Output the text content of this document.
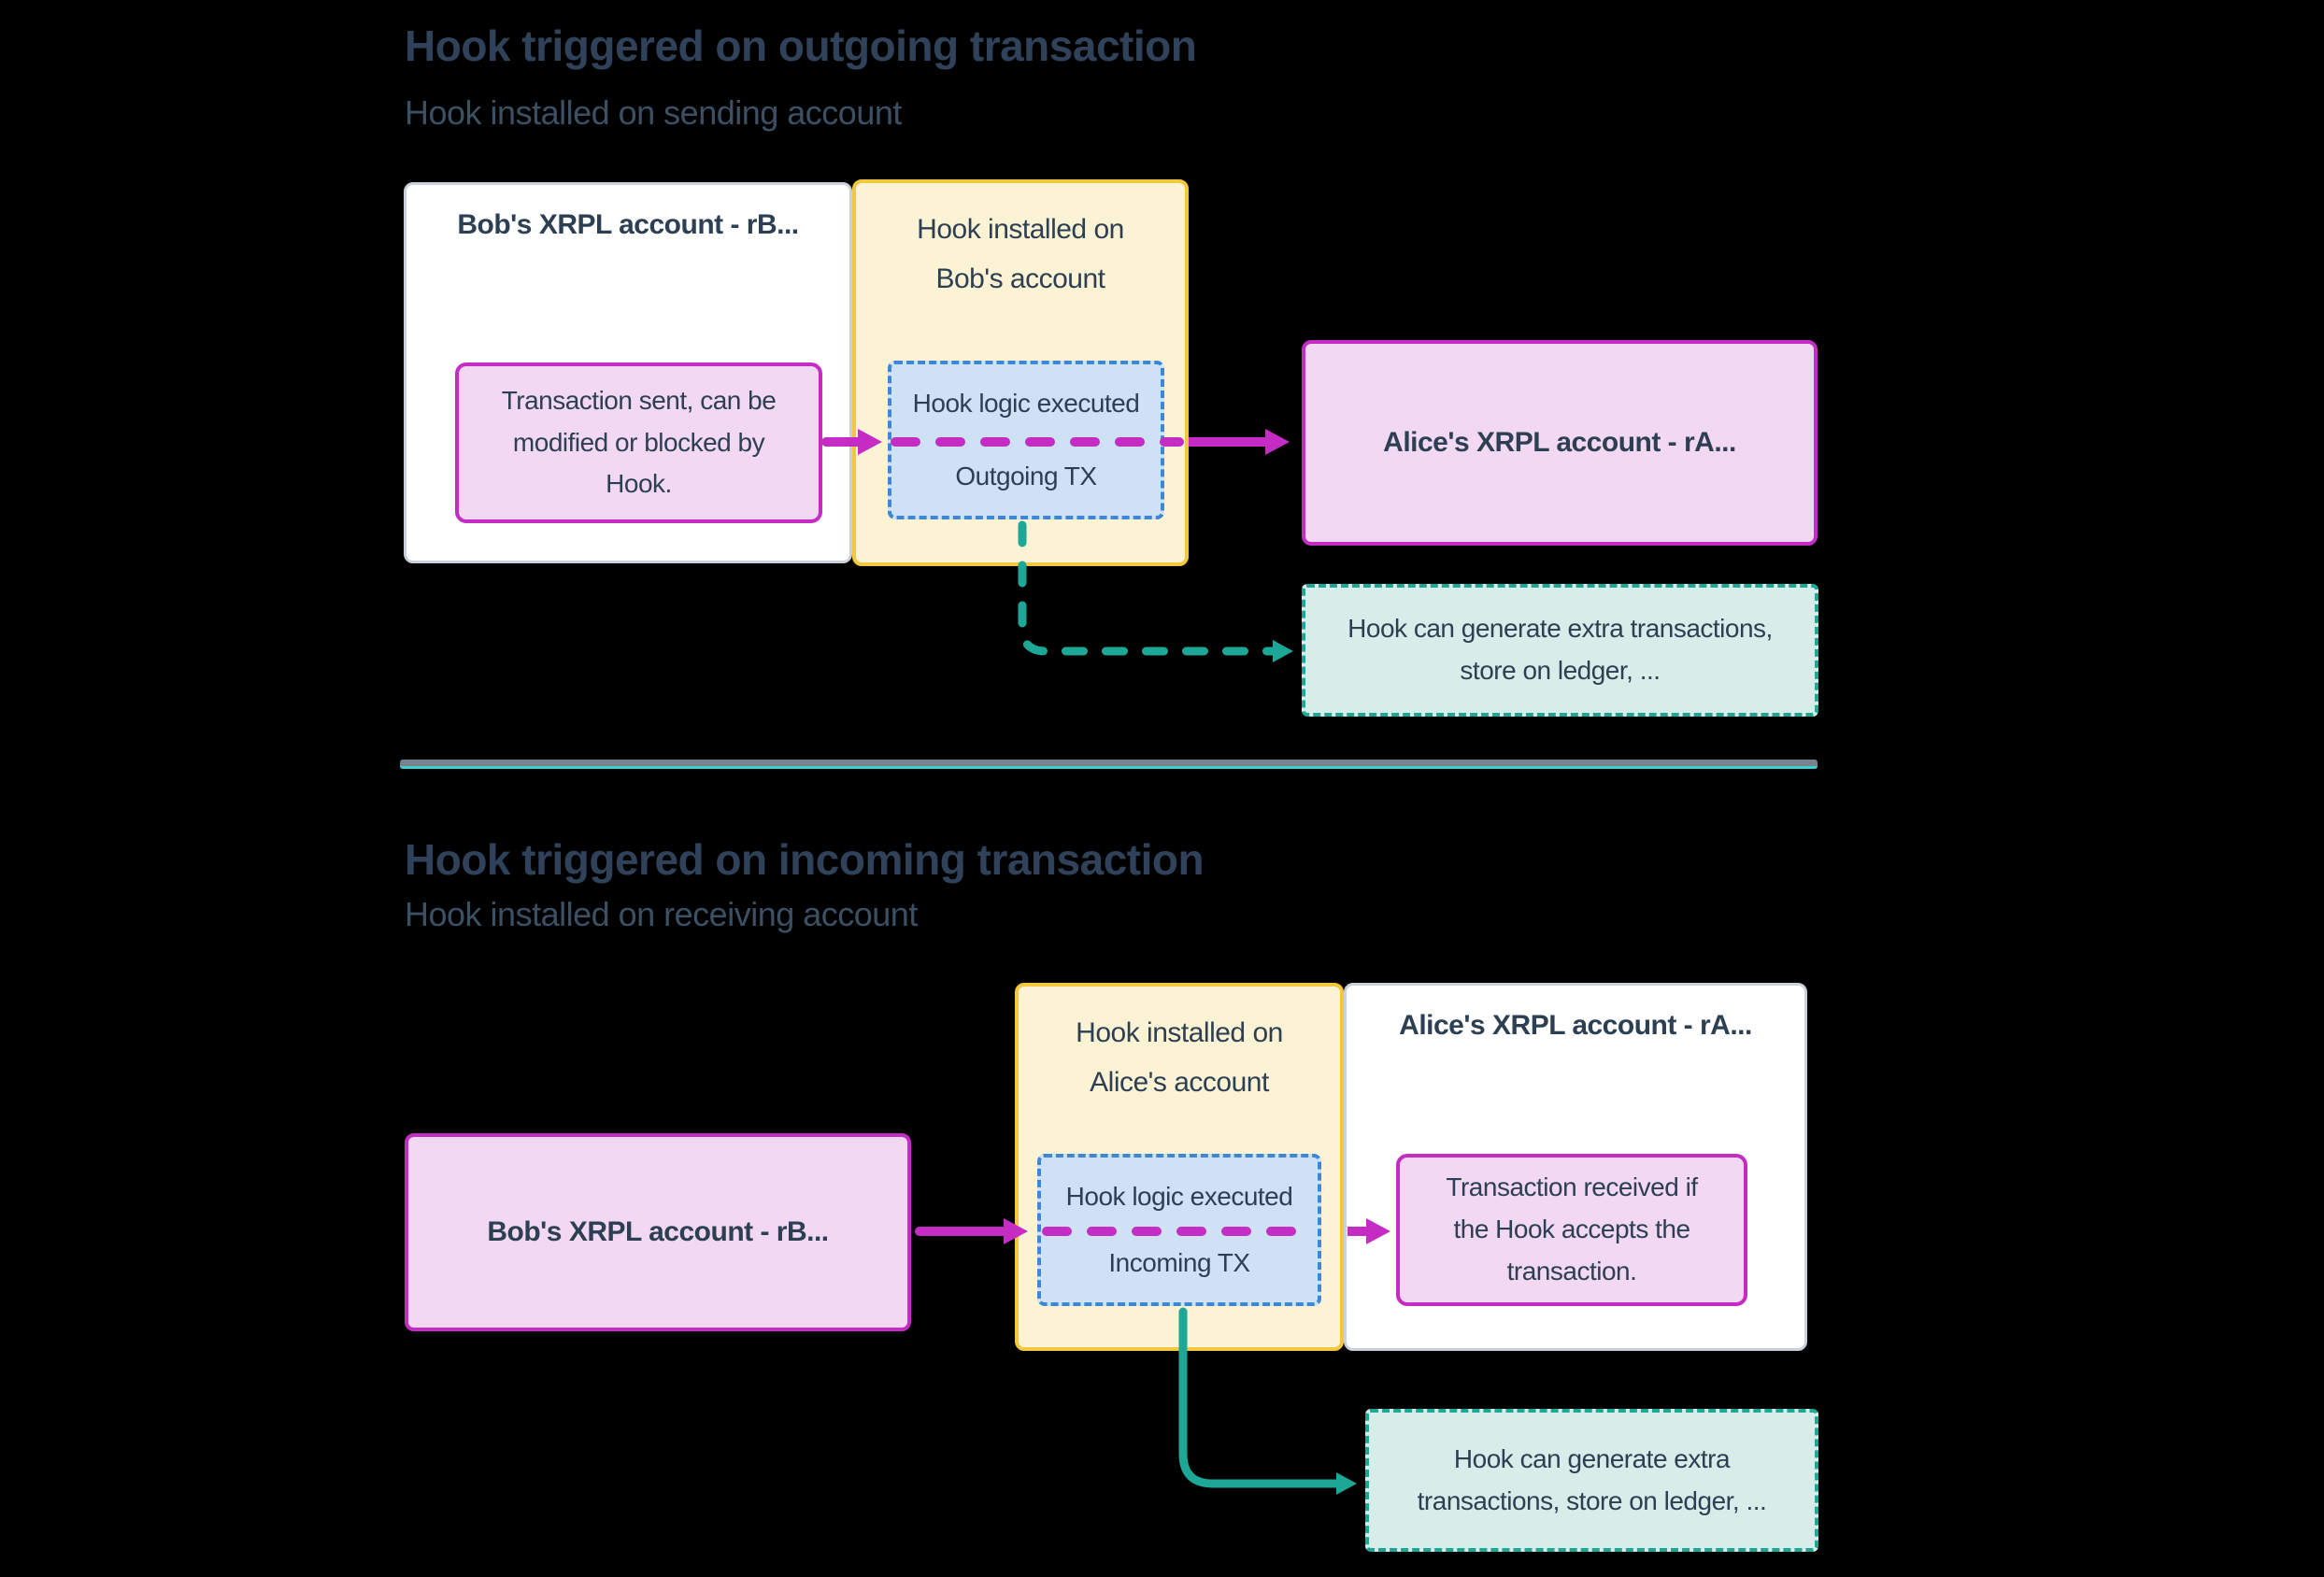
Hook triggered on outgoing transaction
Hook installed on sending account
Bob's XRPL account - rB...	Hook installed on Bob's account
Transaction sent, can be modified or blocked by Hook.
Hook logic executed
Outgoing TX
Alice's XRPL account - rA...
Hook can generate extra transactions, store on ledger, ...
Hook triggered on incoming transaction
Hook installed on receiving account
Bob's XRPL account - rB...
Alice's XRPL account - rA...
Hook installed on Alice's account
Hook logic executed
Incoming TX
Transaction received if the Hook accepts the transaction.
Hook can generate extra transactions, store on ledger, ...
